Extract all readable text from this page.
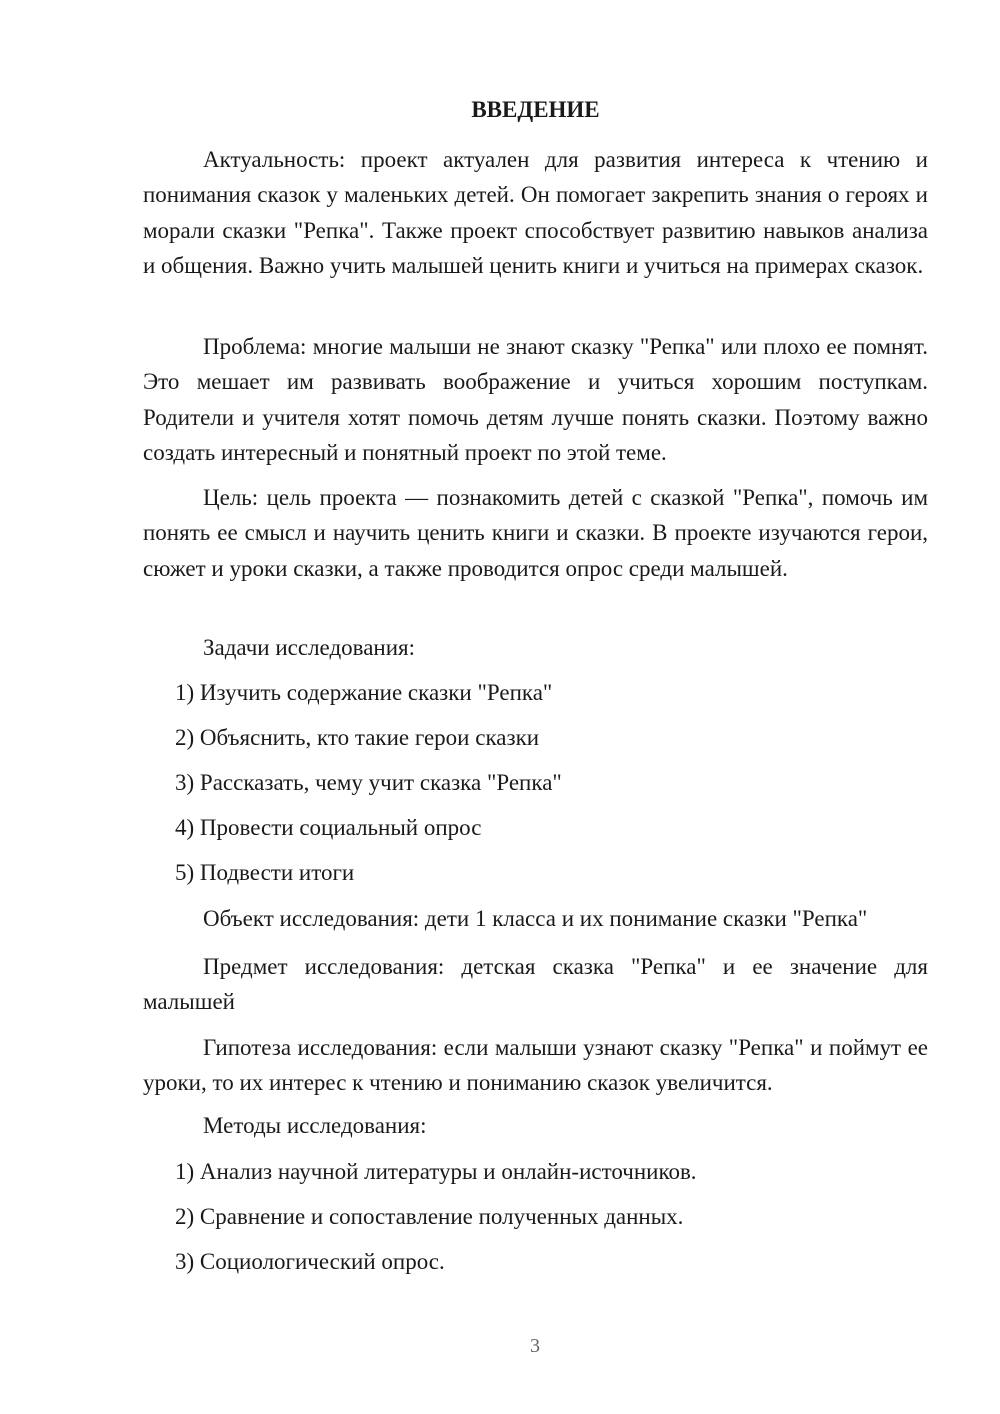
ВВЕДЕНИЕ

Актуальность: проект актуален для развития интереса к чтению и понимания сказок у маленьких детей. Он помогает закрепить знания о героях и морали сказки "Репка". Также проект способствует развитию навыков анализа и общения. Важно учить малышей ценить книги и учиться на примерах сказок.

Проблема: многие малыши не знают сказку "Репка" или плохо ее помнят. Это мешает им развивать воображение и учиться хорошим поступкам. Родители и учителя хотят помочь детям лучше понять сказки. Поэтому важно создать интересный и понятный проект по этой теме.

Цель: цель проекта — познакомить детей с сказкой "Репка", помочь им понять ее смысл и научить ценить книги и сказки. В проекте изучаются герои, сюжет и уроки сказки, а также проводится опрос среди малышей.

Задачи исследования:

1) Изучить содержание сказки "Репка"

2) Объяснить, кто такие герои сказки

3) Рассказать, чему учит сказка "Репка"

4) Провести социальный опрос

5) Подвести итоги

Объект исследования: дети 1 класса и их понимание сказки "Репка"

Предмет исследования: детская сказка "Репка" и ее значение для малышей

Гипотеза исследования: если малыши узнают сказку "Репка" и поймут ее уроки, то их интерес к чтению и пониманию сказок увеличится.

Методы исследования:

1) Анализ научной литературы и онлайн-источников.

2) Сравнение и сопоставление полученных данных.

3) Социологический опрос.

3
